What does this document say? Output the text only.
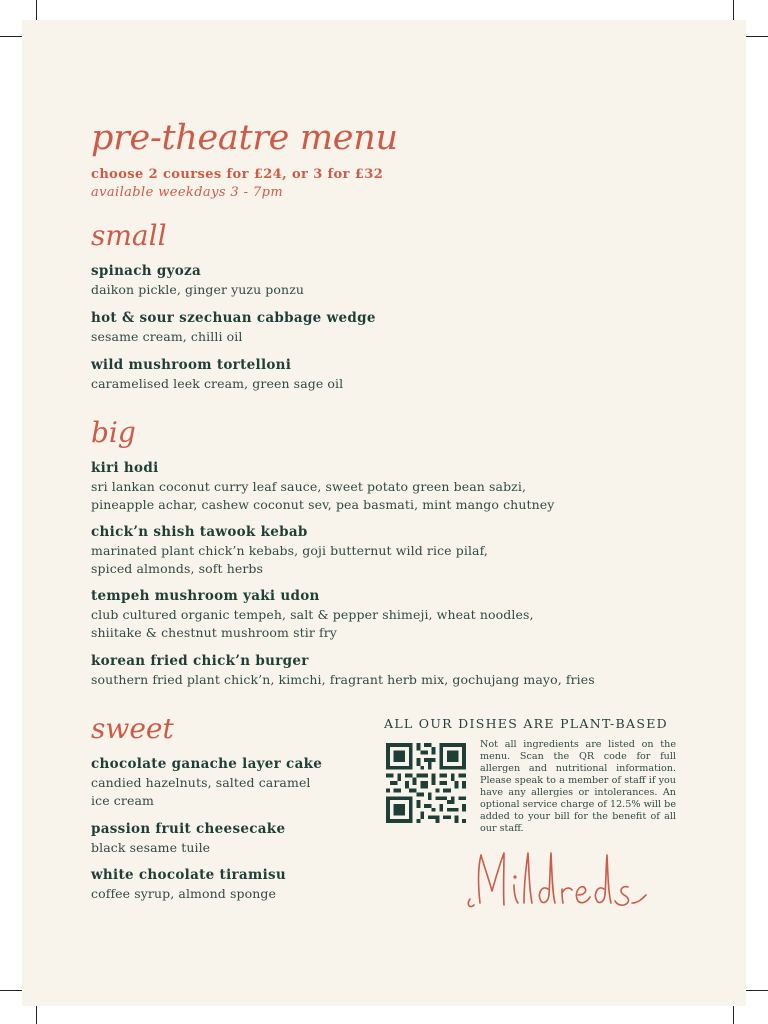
pre-theatre menu
choose 2 courses for £24, or 3 for £32
available weekdays 3 - 7pm
small
spinach gyoza
daikon pickle, ginger yuzu ponzu
hot & sour szechuan cabbage wedge
sesame cream, chilli oil
wild mushroom tortelloni
caramelised leek cream, green sage oil
big
kiri hodi
sri lankan coconut curry leaf sauce, sweet potato green bean sabzi,
pineapple achar, cashew coconut sev, pea basmati, mint mango chutney
chick’n shish tawook kebab
marinated plant chick’n kebabs, goji butternut wild rice pilaf,
spiced almonds, soft herbs
tempeh mushroom yaki udon
club cultured organic tempeh, salt & pepper shimeji, wheat noodles,
shiitake & chestnut mushroom stir fry
korean fried chick’n burger
southern fried plant chick’n, kimchi, fragrant herb mix, gochujang mayo, fries
sweet
chocolate ganache layer cake
candied hazelnuts, salted caramel
ice cream
passion fruit cheesecake
black sesame tuile
white chocolate tiramisu
coffee syrup, almond sponge
ALL OUR DISHES ARE PLANT-BASED
Not all ingredients are listed on the menu. Scan the QR code for full allergen and nutritional information. Please speak to a member of staff if you have any allergies or intolerances. An optional service charge of 12.5% will be added to your bill for the benefit of all our staff.
